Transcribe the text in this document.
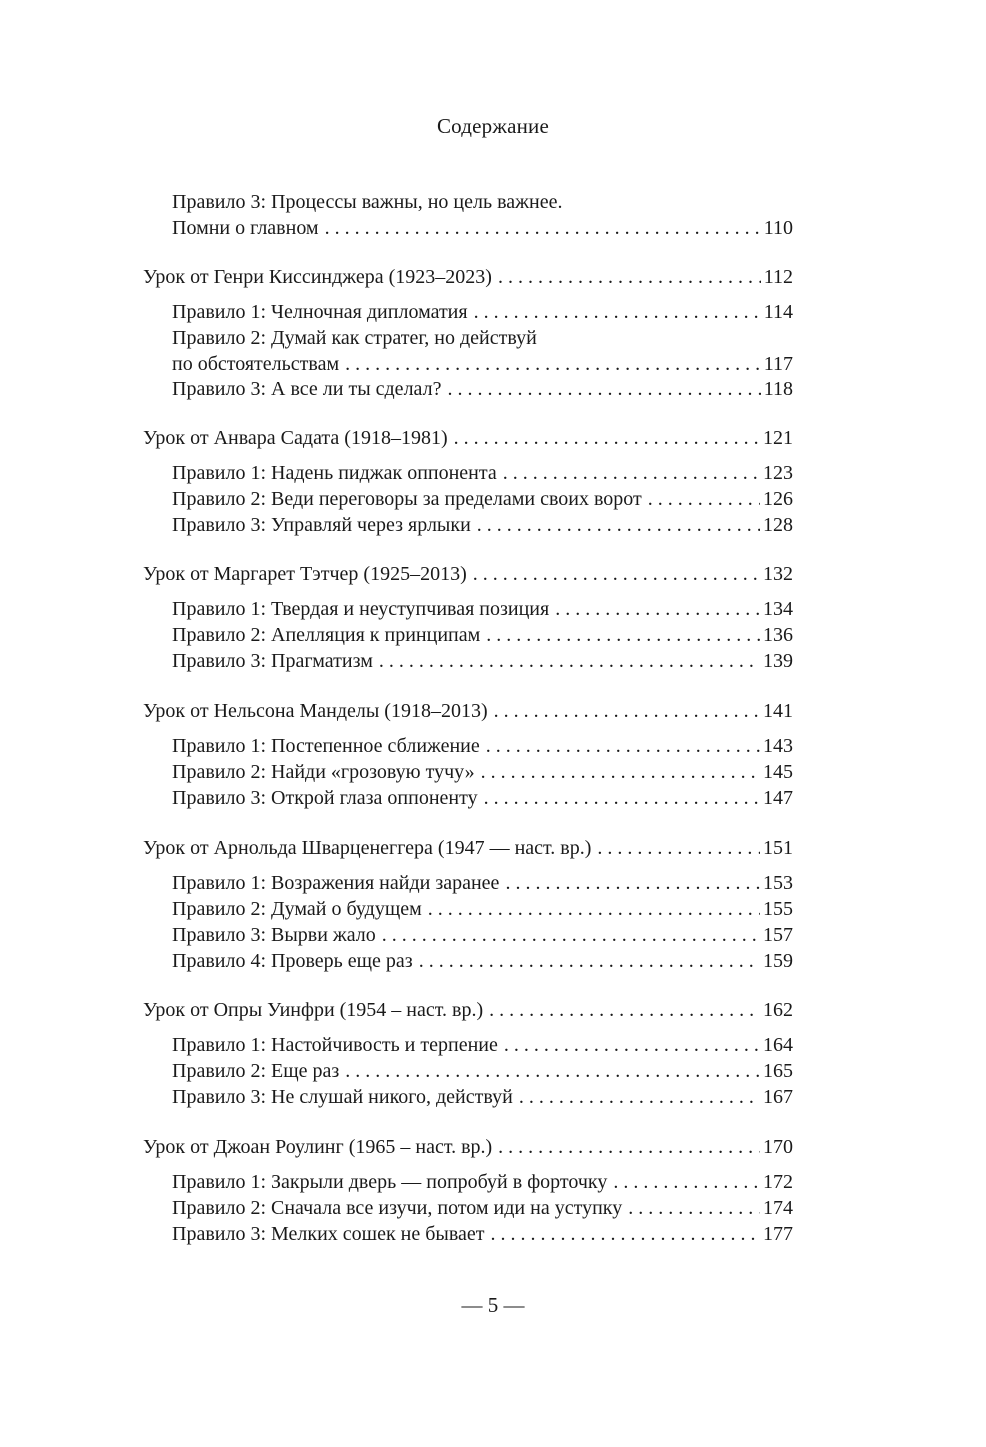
Содержание
Правило 3: Процессы важны, но цель важнее.
Помни о главном . . .	110
Урок от Генри Киссинджера (1923–2023) . . .	112
Правило 1: Челночная дипломатия . . .	114
Правило 2: Думай как стратег, но действуй
по обстоятельствам . . .	117
Правило 3: А все ли ты сделал? . . .	118
Урок от Анвара Садата (1918–1981) . . .	121
Правило 1: Надень пиджак оппонента . . .	123
Правило 2: Веди переговоры за пределами своих ворот . . .	126
Правило 3: Управляй через ярлыки . . .	128
Урок от Маргарет Тэтчер (1925–2013) . . .	132
Правило 1: Твердая и неуступчивая позиция . . .	134
Правило 2: Апелляция к принципам . . .	136
Правило 3: Прагматизм . . .	139
Урок от Нельсона Манделы (1918–2013) . . .	141
Правило 1: Постепенное сближение . . .	143
Правило 2: Найди «грозовую тучу» . . .	145
Правило 3: Открой глаза оппоненту . . .	147
Урок от Арнольда Шварценеггера (1947 — наст. вр.) . . .	151
Правило 1: Возражения найди заранее . . .	153
Правило 2: Думай о будущем . . .	155
Правило 3: Вырви жало . . .	157
Правило 4: Проверь еще раз . . .	159
Урок от Опры Уинфри (1954 – наст. вр.) . . .	162
Правило 1: Настойчивость и терпение . . .	164
Правило 2: Еще раз . . .	165
Правило 3: Не слушай никого, действуй . . .	167
Урок от Джоан Роулинг (1965 – наст. вр.) . . .	170
Правило 1: Закрыли дверь — попробуй в форточку . . .	172
Правило 2: Сначала все изучи, потом иди на уступку . . .	174
Правило 3: Мелких сошек не бывает . . .	177
— 5 —
